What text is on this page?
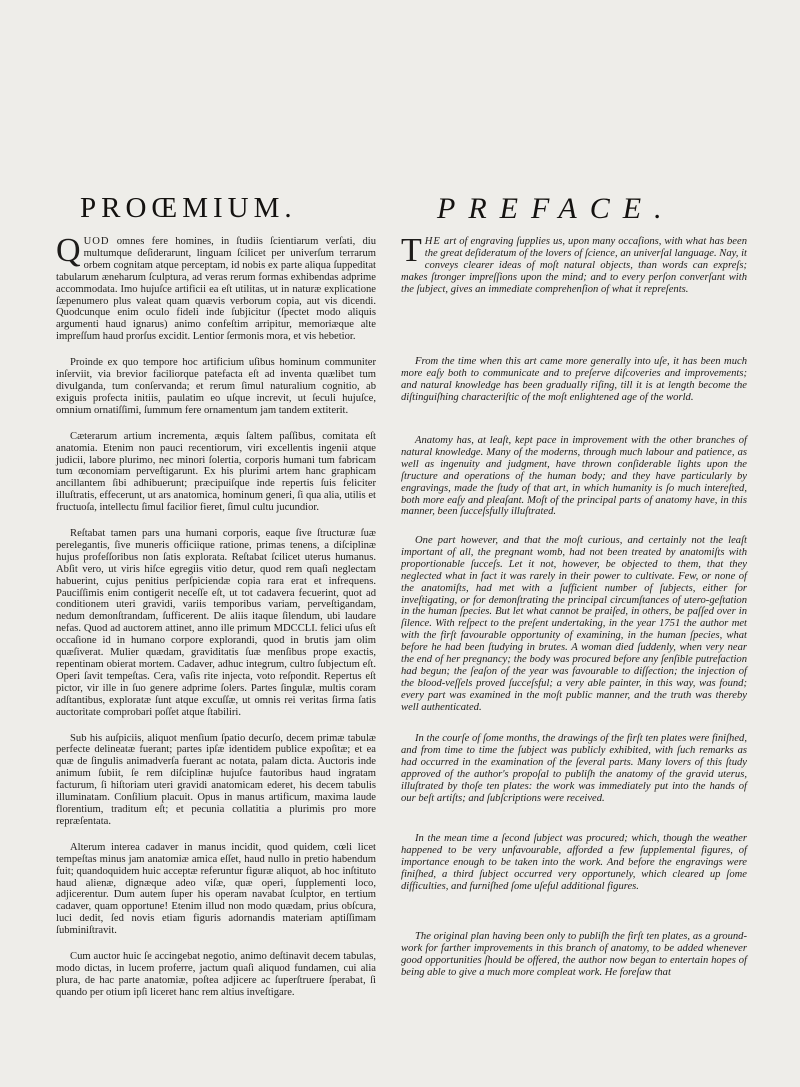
PROŒMIUM.	PREFACE.

QUOD omnes fere homines, in ſtudiis ſcientiarum verſati, diu multumque deſiderarunt, linguam ſcilicet per univerſum terrarum orbem cognitam atque perceptam, id nobis ex parte aliqua ſuppeditat tabularum æneharum ſculptura, ad veras rerum formas exhibendas adprime accommodata. Imo hujuſce artificii ea eſt utilitas, ut in naturæ explicatione ſæpenumero plus valeat quam quævis verborum copia, aut vis dicendi. Quodcunque enim oculo fideli inde ſubjicitur (ſpectet modo aliquis argumenti haud ignarus) animo confeſtim arripitur, memoriæque alte impreſſum haud prorſus excidit. Lentior ſermonis mora, et vis hebetior.

Proinde ex quo tempore hoc artificium uſibus hominum communiter inſerviit, via brevior faciliorque patefacta eſt ad inventa quælibet tum divulganda, tum conſervanda; et rerum ſimul naturalium cognitio, ab exiguis profecta initiis, paulatim eo uſque increvit, ut ſeculi hujuſce, omnium ornatiſſimi, ſummum fere ornamentum jam tandem extiterit.

Cæterarum artium incrementa, æquis ſaltem paſſibus, comitata eſt anatomia. Etenim non pauci recentiorum, viri excellentis ingenii atque judicii, labore plurimo, nec minori ſolertia, corporis humani tum fabricam tum œconomiam perveſtigarunt. Ex his plurimi artem hanc graphicam ancillantem ſibi adhibuerunt; præcipuiſque inde repertis ſuis feliciter illuſtratis, effecerunt, ut ars anatomica, hominum generi, ſi qua alia, utilis et fructuoſa, intellectu ſimul facilior fieret, ſimul cultu jucundior.

Reſtabat tamen pars una humani corporis, eaque ſive ſtructuræ ſuæ perelegantis, ſive muneris officiique ratione, primas tenens, a diſciplinæ hujus profeſſoribus non ſatis explorata. Reſtabat ſcilicet uterus humanus. Abſit vero, ut viris hiſce egregiis vitio detur, quod rem quaſi neglectam habuerint, cujus penitius perſpiciendæ copia rara erat et infrequens. Pauciſſimis enim contigerit neceſſe eſt, ut tot cadavera fecuerint, quot ad conditionem uteri gravidi, variis temporibus variam, perveſtigandam, nedum demonſtrandam, ſufficerent. De aliis itaque ſilendum, ubi laudare nefas. Quod ad auctorem attinet, anno ille primum MDCCLI. felici uſus eſt occaſione id in humano corpore explorandi, quod in brutis jam olim quæſiverat. Mulier quædam, graviditatis ſuæ menſibus prope exactis, repentinam obierat mortem. Cadaver, adhuc integrum, cultro ſubjectum eſt. Operi ſavit tempeſtas. Cera, vaſis rite injecta, voto reſpondit. Repertus eſt pictor, vir ille in ſuo genere adprime ſolers. Partes ſingulæ, multis coram adſtantibus, exploratæ ſunt atque excuſſæ, ut omnis rei veritas ſirma ſatis auctoritate comprobari poſſet atque ſtabiliri.

Sub his auſpiciis, aliquot menſium ſpatio decurſo, decem primæ tabulæ perfecte delineatæ fuerant; partes ipſæ identidem publice expoſitæ; et ea quæ de ſingulis animadverſa fuerant ac notata, palam dicta. Auctoris inde animum ſubiit, ſe rem diſciplinæ hujuſce fautoribus haud ingratam facturum, ſi hiſtoriam uteri gravidi anatomicam ederet, his decem tabulis illuminatam. Conſilium placuit. Opus in manus artificum, maxima laude florentium, traditum eſt; et pecunia collatitia a plurimis pro more repræſentata.

Alterum interea cadaver in manus incidit, quod quidem, cœli licet tempeſtas minus jam anatomiæ amica eſſet, haud nullo in pretio habendum fuit; quandoquidem huic acceptæ referuntur figuræ aliquot, ab hoc inſtituto haud alienæ, dignæque adeo viſæ, quæ operi, ſupplementi loco, adjicerentur. Dum autem ſuper his operam navabat ſculptor, en tertium cadaver, quam opportune! Etenim illud non modo quædam, prius obſcura, luci dedit, ſed novis etiam figuris adornandis materiam aptiſſimam ſubminiſtravit.

Cum auctor huic ſe accingebat negotio, animo deſtinavit decem tabulas, modo dictas, in lucem proferre, jactum quaſi aliquod fundamen, cui alia plura, de hac parte anatomiæ, poſtea adjicere ac ſuperſtruere ſperabat, ſi quando per otium ipſi liceret hanc rem altius inveſtigare.

THE art of engraving ſupplies us, upon many occaſions, with what has been the great deſideratum of the lovers of ſcience, an univerſal language. Nay, it conveys clearer ideas of moſt natural objects, than words can expreſs; makes ſtronger impreſſions upon the mind; and to every perſon converſant with the ſubject, gives an immediate comprehenſion of what it repreſents.

From the time when this art came more generally into uſe, it has been much more eaſy both to communicate and to preſerve diſcoveries and improvements; and natural knowledge has been gradually riſing, till it is at length become the diſtinguiſhing characteriſtic of the moſt enlightened age of the world.

Anatomy has, at leaſt, kept pace in improvement with the other branches of natural knowledge. Many of the moderns, through much labour and patience, as well as ingenuity and judgment, have thrown conſiderable lights upon the ſtructure and operations of the human body; and they have particularly by engravings, made the ſtudy of that art, in which humanity is ſo much intereſted, both more eaſy and pleaſant. Moſt of the principal parts of anatomy have, in this manner, been ſucceſsfully illuſtrated.

One part however, and that the moſt curious, and certainly not the leaſt important of all, the pregnant womb, had not been treated by anatomiſts with proportionable ſucceſs. Let it not, however, be objected to them, that they neglected what in fact it was rarely in their power to cultivate. Few, or none of the anatomiſts, had met with a ſufficient number of ſubjects, either for inveſtigating, or for demonſtrating the principal circumſtances of utero-geſtation in the human ſpecies. But let what cannot be praiſed, in others, be paſſed over in ſilence. With reſpect to the preſent undertaking, in the year 1751 the author met with the firſt favourable opportunity of examining, in the human ſpecies, what before he had been ſtudying in brutes. A woman died ſuddenly, when very near the end of her pregnancy; the body was procured before any ſenſible putrefaction had begun; the ſeaſon of the year was favourable to diſſection; the injection of the blood-veſſels proved ſucceſsful; a very able painter, in this way, was found; every part was examined in the moſt public manner, and the truth was thereby well authenticated.

In the courſe of ſome months, the drawings of the firſt ten plates were finiſhed, and from time to time the ſubject was publicly exhibited, with ſuch remarks as had occurred in the examination of the ſeveral parts. Many lovers of this ſtudy approved of the author's propoſal to publiſh the anatomy of the gravid uterus, illuſtrated by thoſe ten plates: the work was immediately put into the hands of our beſt artiſts; and ſubſcriptions were received.

In the mean time a ſecond ſubject was procured; which, though the weather happened to be very unfavourable, afforded a few ſupplemental figures, of importance enough to be taken into the work. And before the engravings were finiſhed, a third ſubject occurred very opportunely, which cleared up ſome difficulties, and furniſhed ſome uſeful additional figures.

The original plan having been only to publiſh the firſt ten plates, as a ground-work for farther improvements in this branch of anatomy, to be added whenever good opportunities ſhould be offered, the author now began to entertain hopes of being able to give a much more compleat work. He foreſaw that
